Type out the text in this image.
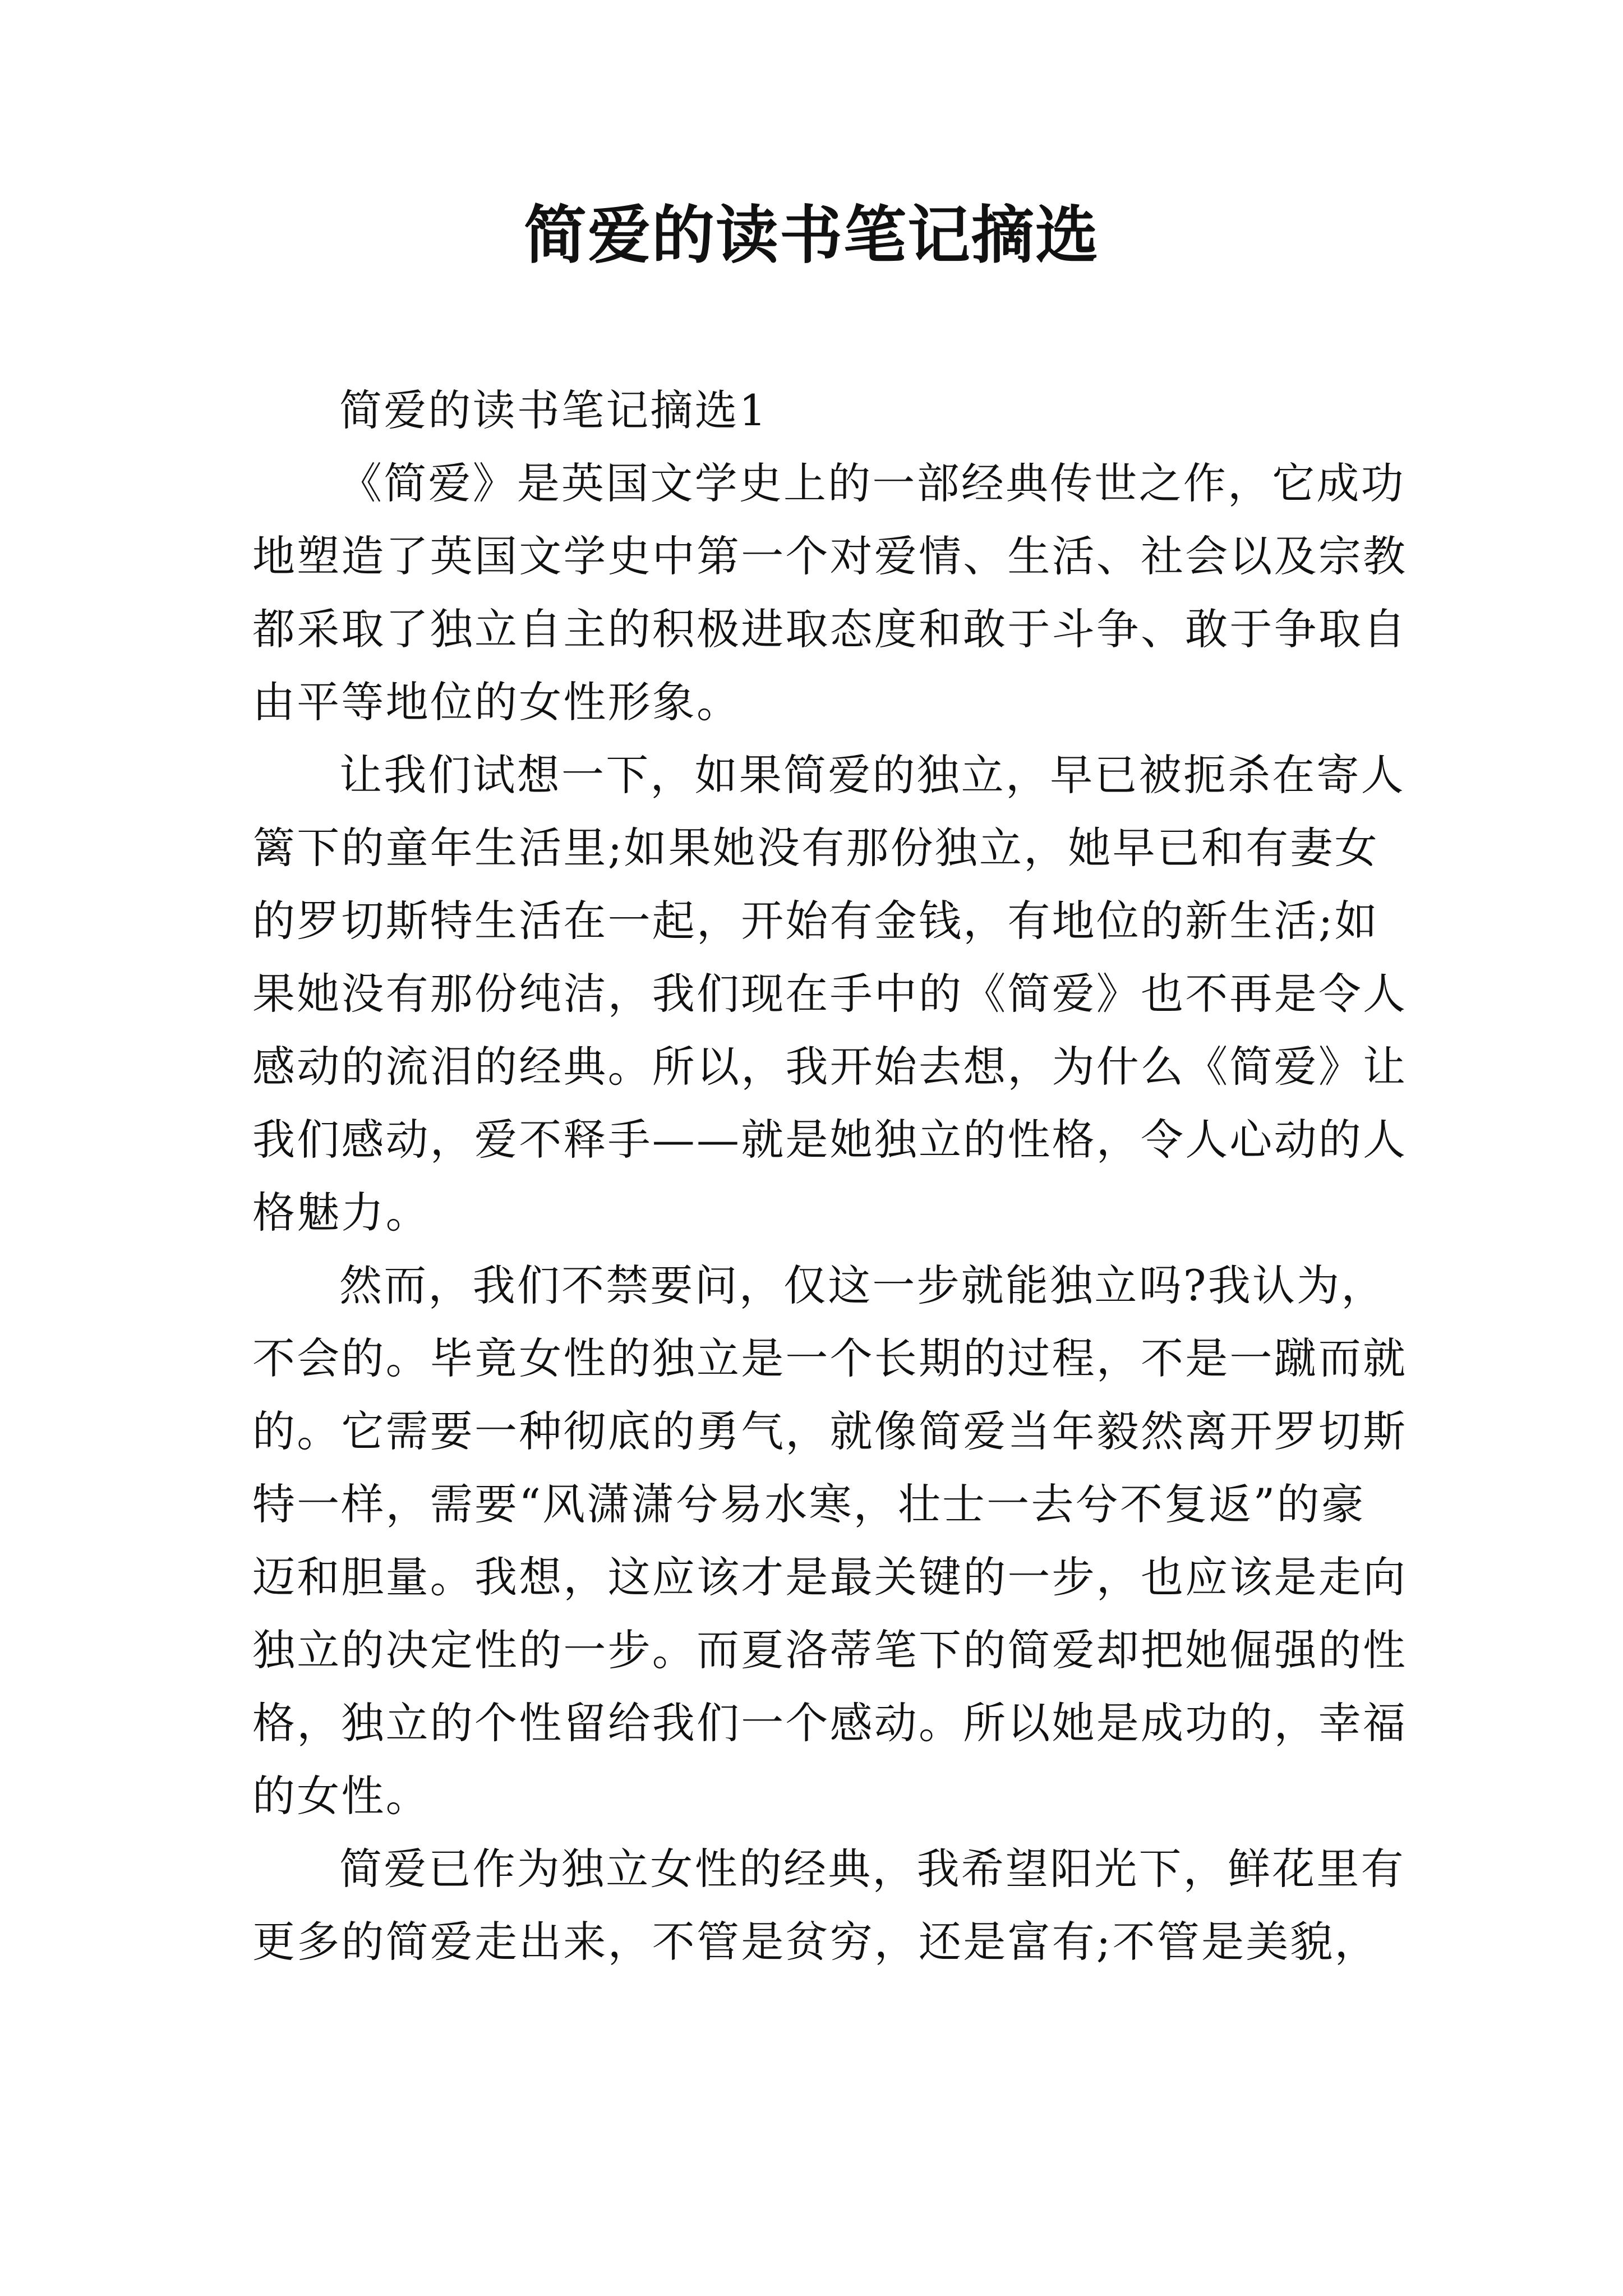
简爱的读书笔记摘选
简爱的读书笔记摘选1
《简爱》是英国文学史上的一部经典传世之作，它成功
地塑造了英国文学史中第一个对爱情、生活、社会以及宗教
都采取了独立自主的积极进取态度和敢于斗争、敢于争取自
由平等地位的女性形象。
让我们试想一下，如果简爱的独立，早已被扼杀在寄人
篱下的童年生活里;如果她没有那份独立，她早已和有妻女
的罗切斯特生活在一起，开始有金钱，有地位的新生活;如
果她没有那份纯洁，我们现在手中的《简爱》也不再是令人
感动的流泪的经典。所以，我开始去想，为什么《简爱》让
我们感动，爱不释手——就是她独立的性格，令人心动的人
格魅力。
然而，我们不禁要问，仅这一步就能独立吗?我认为，
不会的。毕竟女性的独立是一个长期的过程，不是一蹴而就
的。它需要一种彻底的勇气，就像简爱当年毅然离开罗切斯
特一样，需要“风潇潇兮易水寒，壮士一去兮不复返”的豪
迈和胆量。我想，这应该才是最关键的一步，也应该是走向
独立的决定性的一步。而夏洛蒂笔下的简爱却把她倔强的性
格，独立的个性留给我们一个感动。所以她是成功的，幸福
的女性。
简爱已作为独立女性的经典，我希望阳光下，鲜花里有
更多的简爱走出来，不管是贫穷，还是富有;不管是美貌，
